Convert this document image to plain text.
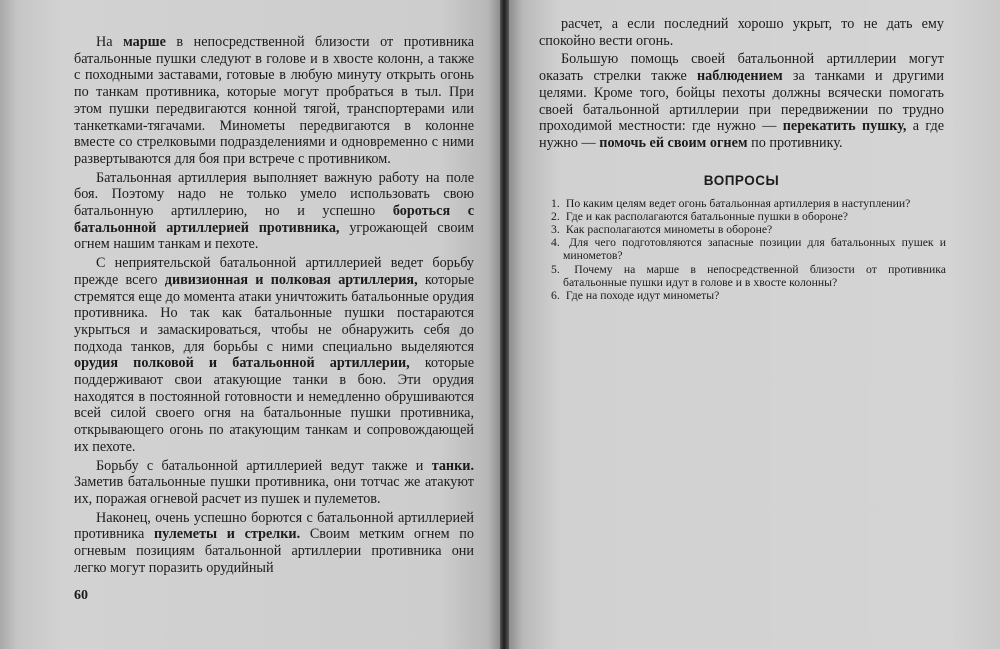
На марше в непосредственной близости от противника батальонные пушки следуют в голове и в хвосте колонн, а также с походными заставами, готовые в любую минуту открыть огонь по танкам противника, которые могут пробраться в тыл. При этом пушки передвигаются конной тягой, транспортерами или танкетками-тягачами. Минометы передвигаются в колонне вместе со стрелковыми подразделениями и одновременно с ними развертываются для боя при встрече с противником.

Батальонная артиллерия выполняет важную работу на поле боя. Поэтому надо не только умело использовать свою батальонную артиллерию, но и успешно бороться с батальонной артиллерией противника, угрожающей своим огнем нашим танкам и пехоте.

С неприятельской батальонной артиллерией ведет борьбу прежде всего дивизионная и полковая артиллерия, которые стремятся еще до момента атаки уничтожить батальонные орудия противника. Но так как батальонные пушки постараются укрыться и замаскироваться, чтобы не обнаружить себя до подхода танков, для борьбы с ними специально выделяются орудия полковой и батальонной артиллерии, которые поддерживают свои атакующие танки в бою. Эти орудия находятся в постоянной готовности и немедленно обрушиваются всей силой своего огня на батальонные пушки противника, открывающего огонь по атакующим танкам и сопровождающей их пехоте.

Борьбу с батальонной артиллерией ведут также и танки. Заметив батальонные пушки противника, они тотчас же атакуют их, поражая огневой расчет из пушек и пулеметов.

Наконец, очень успешно борются с батальонной артиллерией противника пулеметы и стрелки. Своим метким огнем по огневым позициям батальонной артиллерии противника они легко могут поразить орудийный

60

расчет, а если последний хорошо укрыт, то не дать ему спокойно вести огонь.

Большую помощь своей батальонной артиллерии могут оказать стрелки также наблюдением за танками и другими целями. Кроме того, бойцы пехоты должны всячески помогать своей батальонной артиллерии при передвижении по трудно проходимой местности: где нужно — перекатить пушку, а где нужно — помочь ей своим огнем по противнику.

ВОПРОСЫ
1. По каким целям ведет огонь батальонная артиллерия в наступлении?
2. Где и как располагаются батальонные пушки в обороне?
3. Как располагаются минометы в обороне?
4. Для чего подготовляются запасные позиции для батальонных пушек и минометов?
5. Почему на марше в непосредственной близости от противника батальонные пушки идут в голове и в хвосте колонны?
6. Где на походе идут минометы?
